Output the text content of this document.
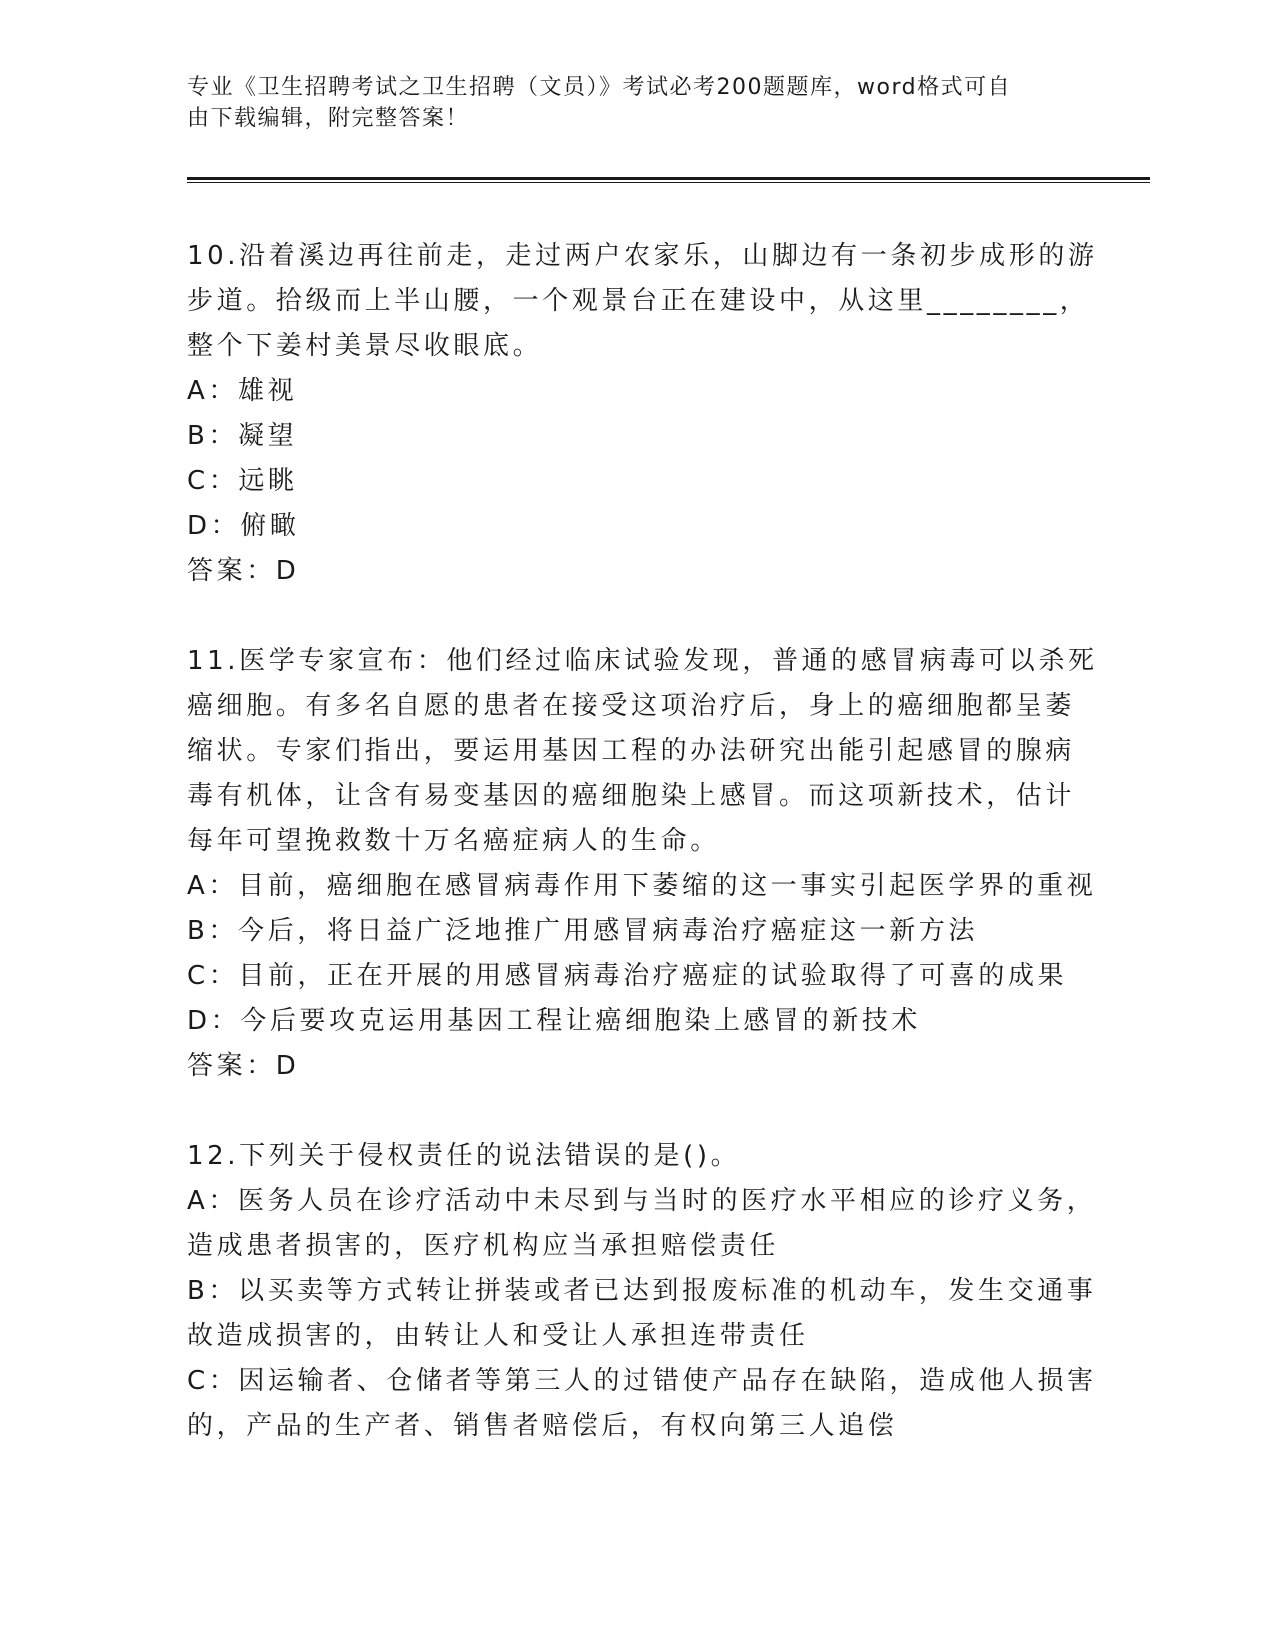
专业《卫生招聘考试之卫生招聘（文员）》考试必考200题题库，word格式可自
由下载编辑，附完整答案！
10.沿着溪边再往前走，走过两户农家乐，山脚边有一条初步成形的游
步道。拾级而上半山腰，一个观景台正在建设中，从这里________，
整个下姜村美景尽收眼底。
A：雄视
B：凝望
C：远眺
D：俯瞰
答案：D
11.医学专家宣布：他们经过临床试验发现，普通的感冒病毒可以杀死
癌细胞。有多名自愿的患者在接受这项治疗后，身上的癌细胞都呈萎
缩状。专家们指出，要运用基因工程的办法研究出能引起感冒的腺病
毒有机体，让含有易变基因的癌细胞染上感冒。而这项新技术，估计
每年可望挽救数十万名癌症病人的生命。
A：目前，癌细胞在感冒病毒作用下萎缩的这一事实引起医学界的重视
B：今后，将日益广泛地推广用感冒病毒治疗癌症这一新方法
C：目前，正在开展的用感冒病毒治疗癌症的试验取得了可喜的成果
D：今后要攻克运用基因工程让癌细胞染上感冒的新技术
答案：D
12.下列关于侵权责任的说法错误的是()。
A：医务人员在诊疗活动中未尽到与当时的医疗水平相应的诊疗义务，
造成患者损害的，医疗机构应当承担赔偿责任
B：以买卖等方式转让拼装或者已达到报废标准的机动车，发生交通事
故造成损害的，由转让人和受让人承担连带责任
C：因运输者、仓储者等第三人的过错使产品存在缺陷，造成他人损害
的，产品的生产者、销售者赔偿后，有权向第三人追偿
